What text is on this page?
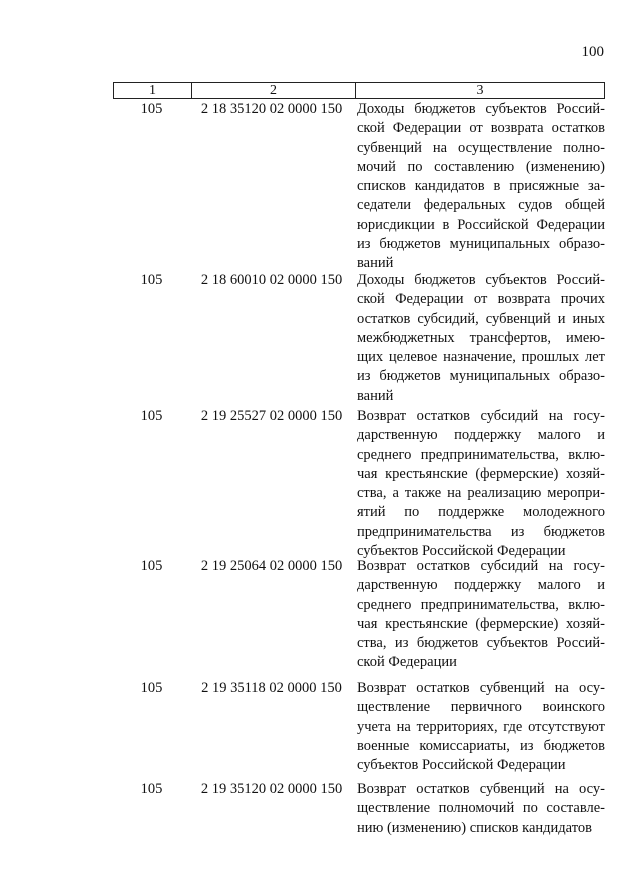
100
1	2	3
105	2 18 35120 02 0000 150	Доходы бюджетов субъектов Россий-ской Федерации от возврата остатков субвенций на осуществление полно-мочий по составлению (изменению) списков кандидатов в присяжные за-седатели федеральных судов общей юрисдикции в Российской Федерации из бюджетов муниципальных образо-ваний
105	2 18 60010 02 0000 150	Доходы бюджетов субъектов Россий-ской Федерации от возврата прочих остатков субсидий, субвенций и иных межбюджетных трансфертов, имею-щих целевое назначение, прошлых лет из бюджетов муниципальных образо-ваний
105	2 19 25527 02 0000 150	Возврат остатков субсидий на госу-дарственную поддержку малого и среднего предпринимательства, вклю-чая крестьянские (фермерские) хозяй-ства, а также на реализацию меропри-ятий по поддержке молодежного предпринимательства из бюджетов субъектов Российской Федерации
105	2 19 25064 02 0000 150	Возврат остатков субсидий на госу-дарственную поддержку малого и среднего предпринимательства, вклю-чая крестьянские (фермерские) хозяй-ства, из бюджетов субъектов Россий-ской Федерации
105	2 19 35118 02 0000 150	Возврат остатков субвенций на осу-ществление первичного воинского учета на территориях, где отсутствуют военные комиссариаты, из бюджетов субъектов Российской Федерации
105	2 19 35120 02 0000 150	Возврат остатков субвенций на осу-ществление полномочий по составле-нию (изменению) списков кандидатов
